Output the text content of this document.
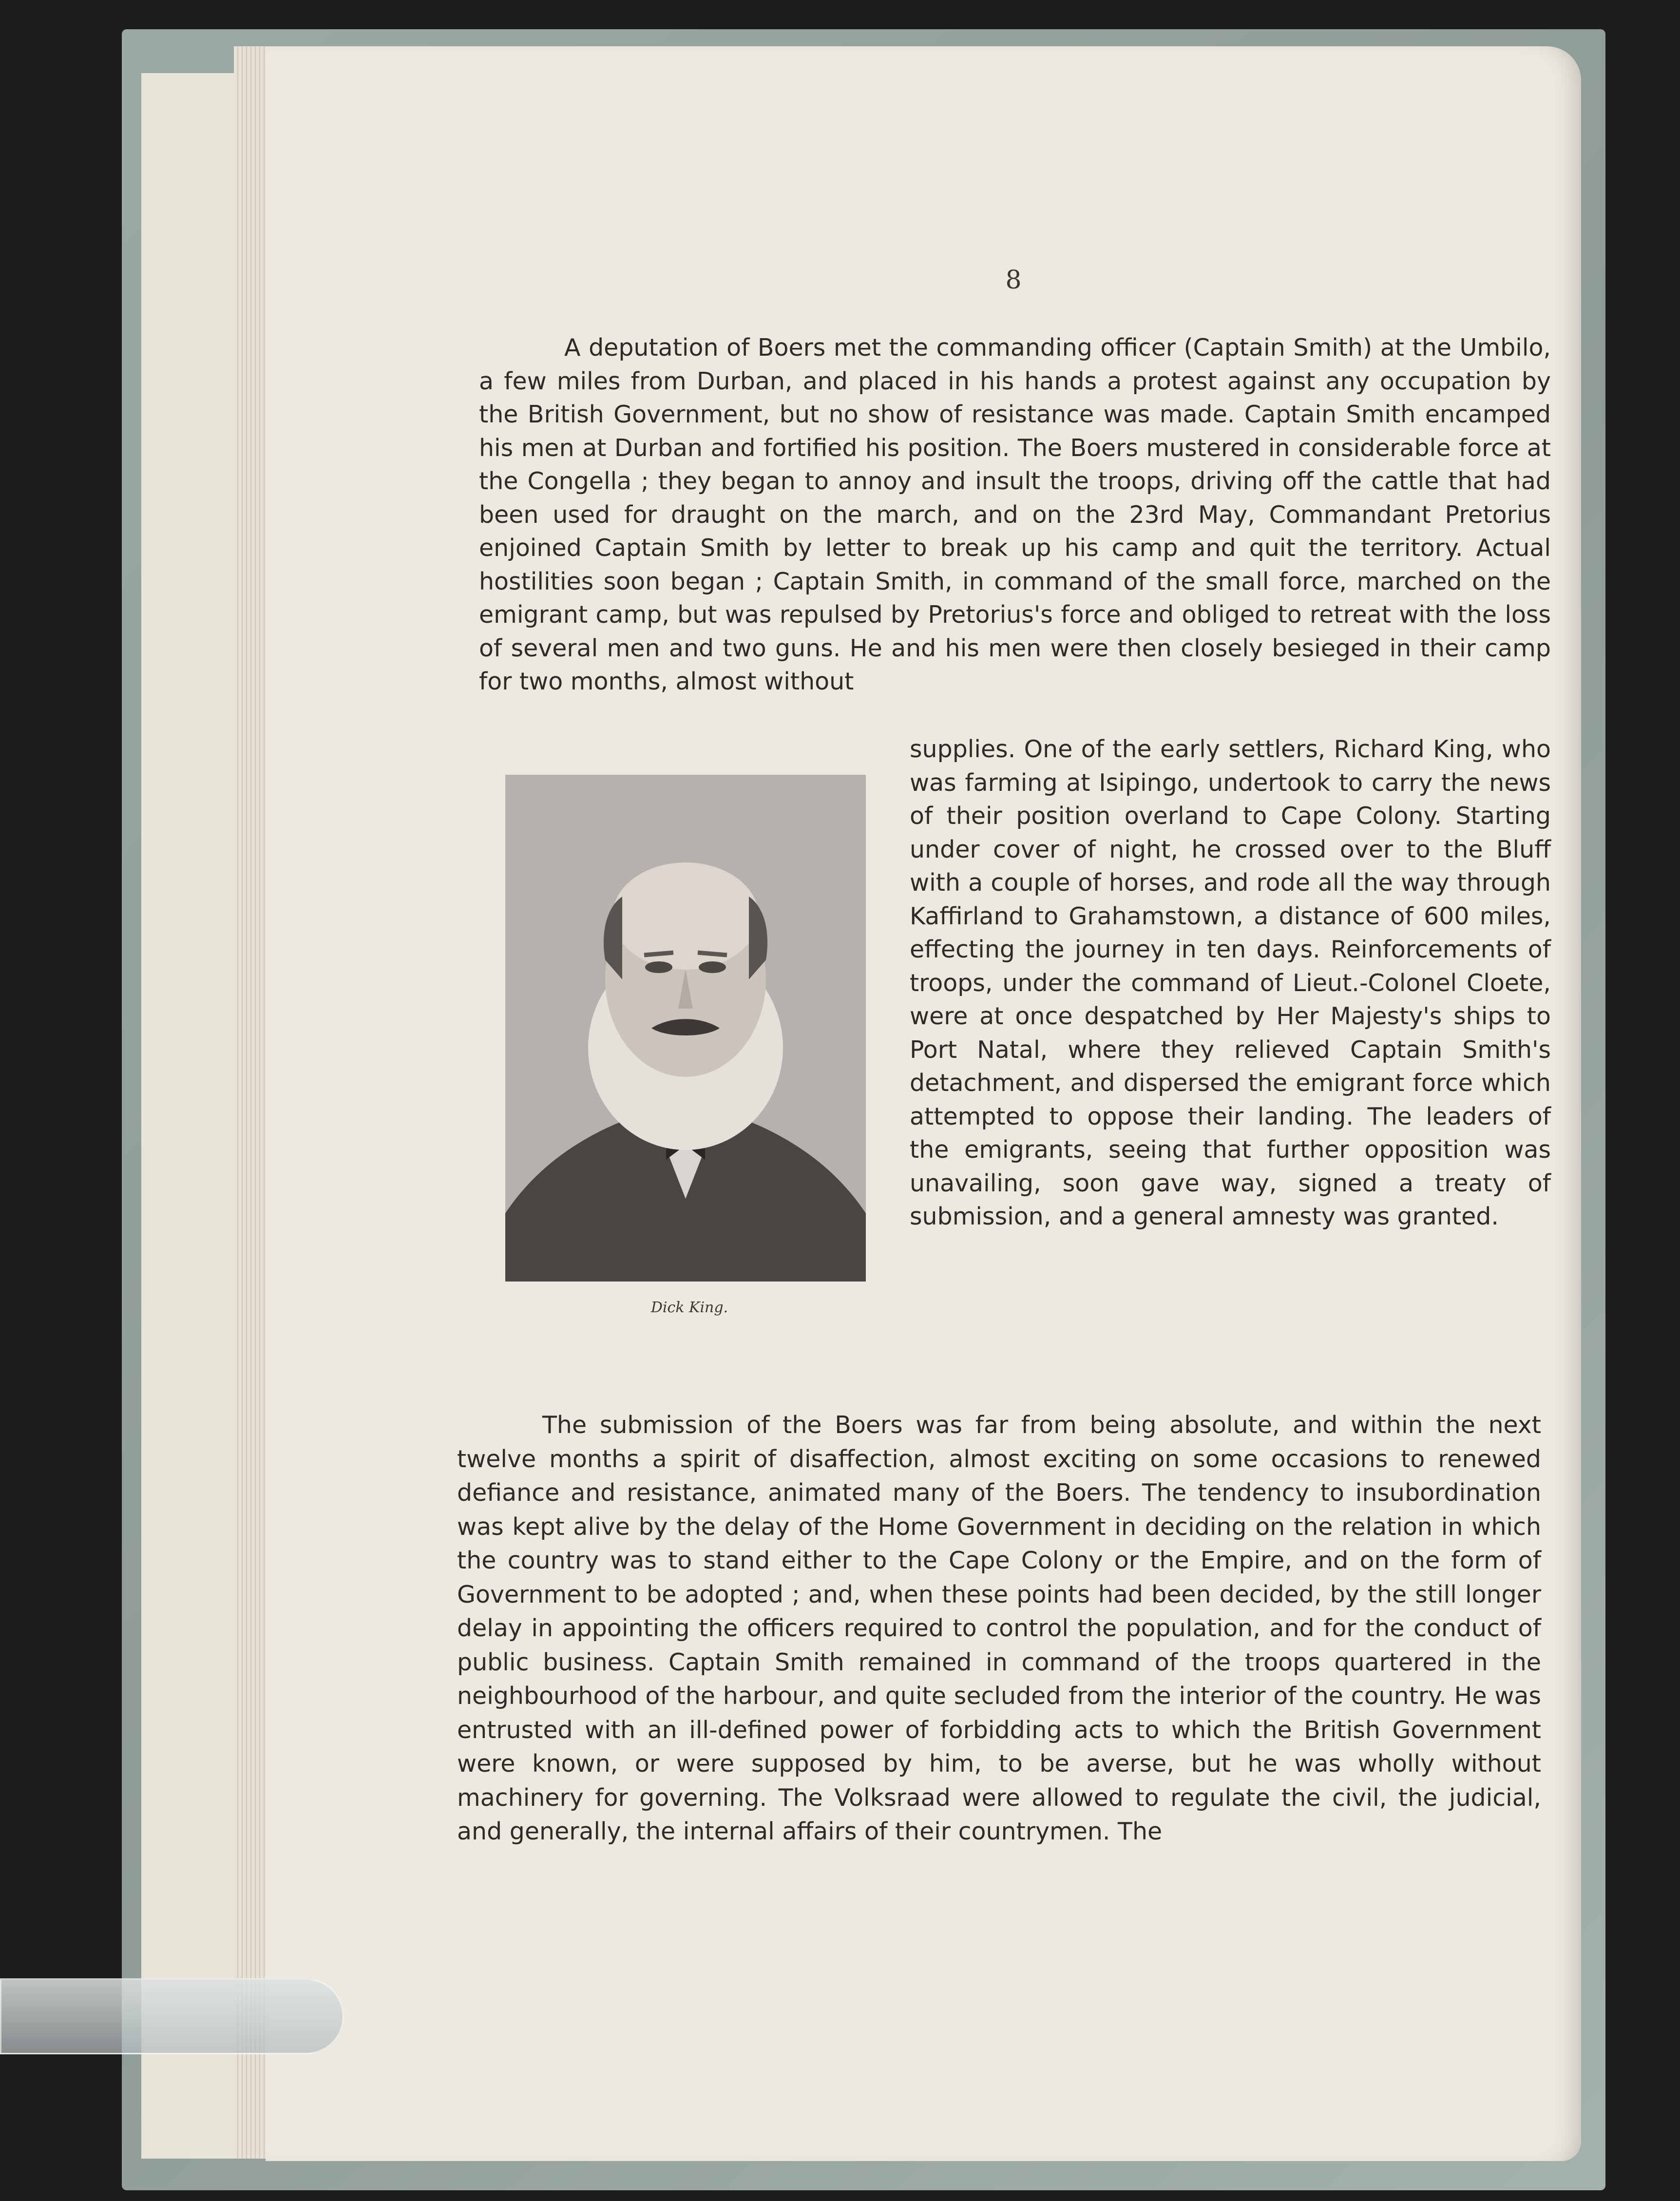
8
A deputation of Boers met the commanding officer (Captain Smith) at the Umbilo, a few miles from Durban, and placed in his hands a protest against any occupation by the British Government, but no show of resistance was made. Captain Smith encamped his men at Durban and fortified his position. The Boers mustered in considerable force at the Congella ; they began to annoy and insult the troops, driving off the cattle that had been used for draught on the march, and on the 23rd May, Commandant Pretorius enjoined Captain Smith by letter to break up his camp and quit the territory. Actual hostilities soon began ; Captain Smith, in command of the small force, marched on the emigrant camp, but was repulsed by Pretorius's force and obliged to retreat with the loss of several men and two guns. He and his men were then closely besieged in their camp for two months, almost without
Dick King.
supplies. One of the early settlers, Richard King, who was farming at Isipingo, undertook to carry the news of their position overland to Cape Colony. Starting under cover of night, he crossed over to the Bluff with a couple of horses, and rode all the way through Kaffirland to Grahamstown, a distance of 600 miles, effecting the journey in ten days. Reinforcements of troops, under the command of Lieut.-Colonel Cloete, were at once despatched by Her Majesty's ships to Port Natal, where they relieved Captain Smith's detachment, and dispersed the emigrant force which attempted to oppose their landing. The leaders of the emigrants, seeing that further opposition was unavailing, soon gave way, signed a treaty of submission, and a general amnesty was granted.
The submission of the Boers was far from being absolute, and within the next twelve months a spirit of disaffection, almost exciting on some occasions to renewed defiance and resistance, animated many of the Boers. The tendency to insubordination was kept alive by the delay of the Home Government in deciding on the relation in which the country was to stand either to the Cape Colony or the Empire, and on the form of Government to be adopted ; and, when these points had been decided, by the still longer delay in appointing the officers required to control the population, and for the conduct of public business. Captain Smith remained in command of the troops quartered in the neighbourhood of the harbour, and quite secluded from the interior of the country. He was entrusted with an ill-defined power of forbidding acts to which the British Government were known, or were supposed by him, to be averse, but he was wholly without machinery for governing. The Volksraad were allowed to regulate the civil, the judicial, and generally, the internal affairs of their countrymen. The
